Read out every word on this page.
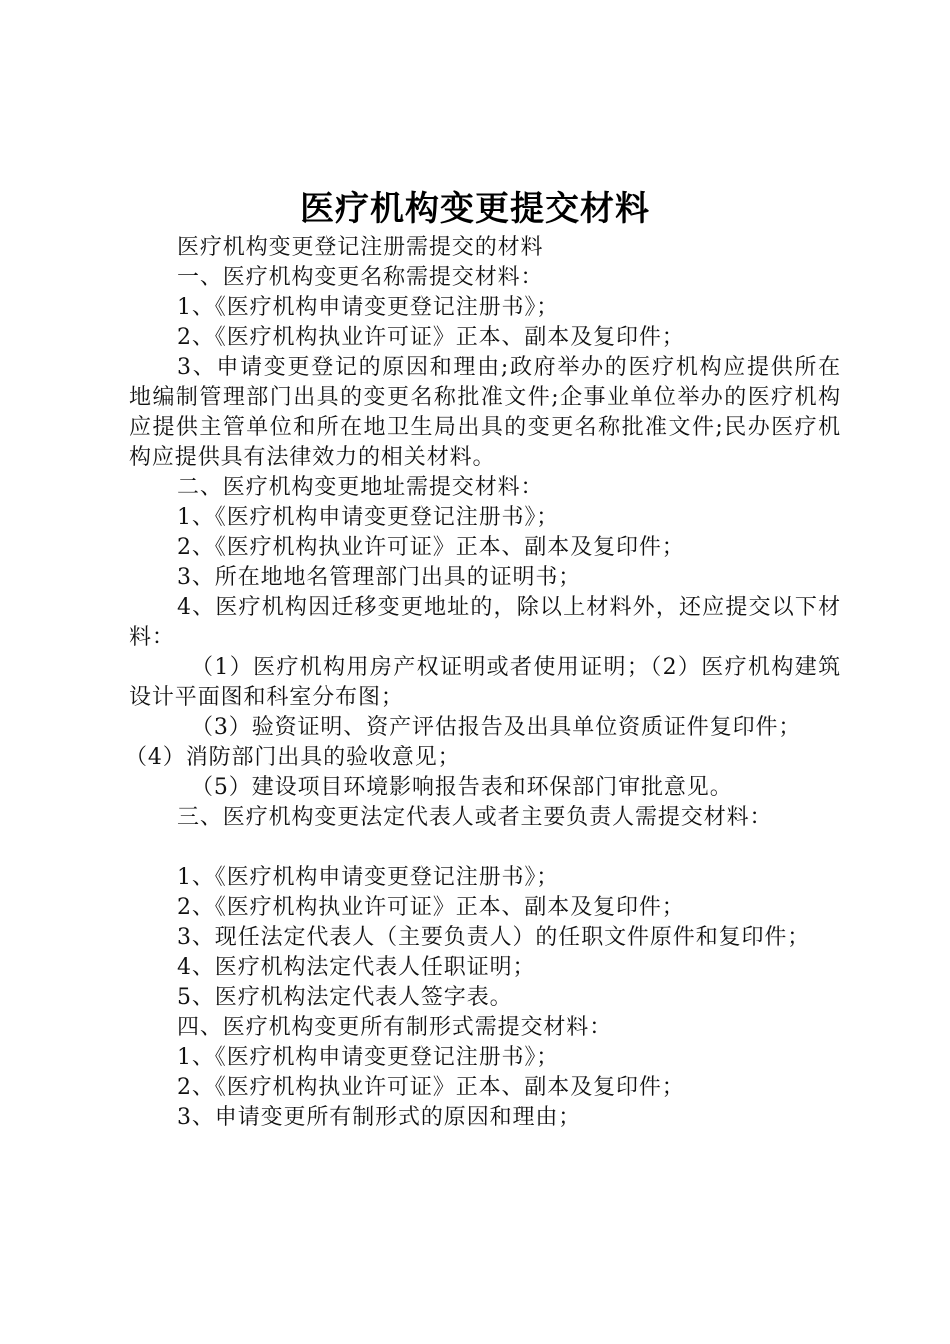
医疗机构变更提交材料

医疗机构变更登记注册需提交的材料

一、医疗机构变更名称需提交材料：

1、《医疗机构申请变更登记注册书》；

2、《医疗机构执业许可证》正本、副本及复印件；

3、申请变更登记的原因和理由;政府举办的医疗机构应提供所在地编制管理部门出具的变更名称批准文件;企事业单位举办的医疗机构应提供主管单位和所在地卫生局出具的变更名称批准文件;民办医疗机构应提供具有法律效力的相关材料。

二、医疗机构变更地址需提交材料：

1、《医疗机构申请变更登记注册书》；

2、《医疗机构执业许可证》正本、副本及复印件；

3、所在地地名管理部门出具的证明书；

4、医疗机构因迁移变更地址的，除以上材料外，还应提交以下材料：

（1）医疗机构用房产权证明或者使用证明；（2）医疗机构建筑设计平面图和科室分布图；

（3）验资证明、资产评估报告及出具单位资质证件复印件；

（4）消防部门出具的验收意见；

（5）建设项目环境影响报告表和环保部门审批意见。

三、医疗机构变更法定代表人或者主要负责人需提交材料：

1、《医疗机构申请变更登记注册书》；

2、《医疗机构执业许可证》正本、副本及复印件；

3、现任法定代表人（主要负责人）的任职文件原件和复印件；

4、医疗机构法定代表人任职证明；

5、医疗机构法定代表人签字表。

四、医疗机构变更所有制形式需提交材料：

1、《医疗机构申请变更登记注册书》；

2、《医疗机构执业许可证》正本、副本及复印件；

3、申请变更所有制形式的原因和理由；
